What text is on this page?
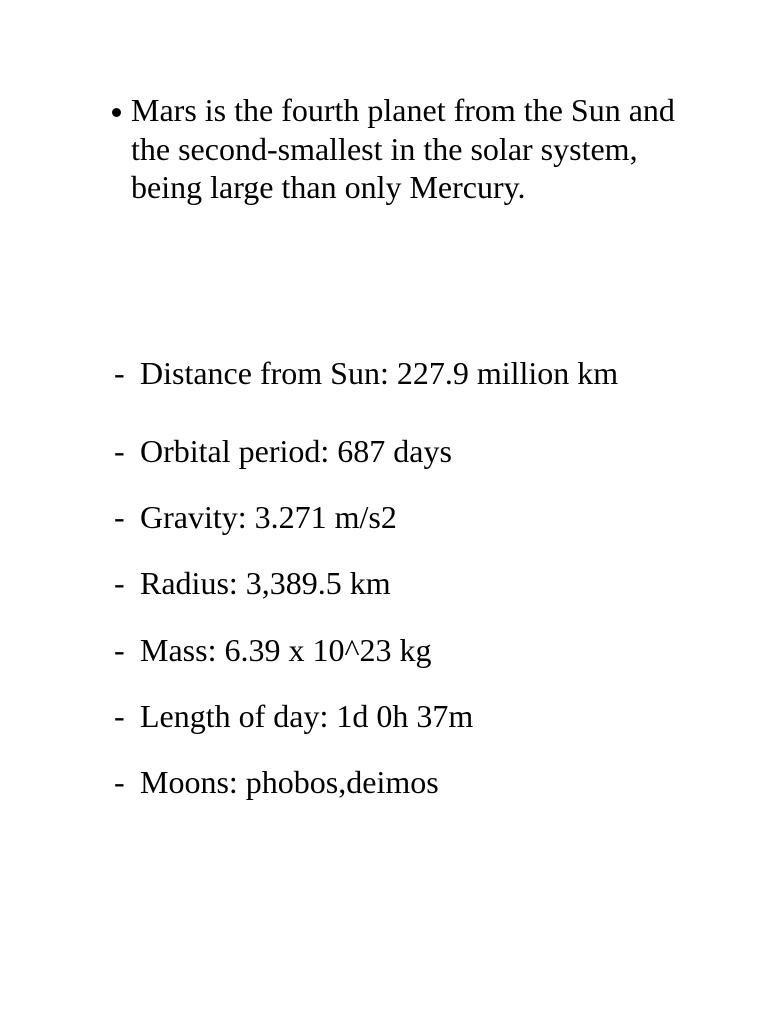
Mars is the fourth planet from the Sun and the second-smallest in the solar system, being large than only Mercury.
- Distance from Sun: 227.9 million km
- Orbital period: 687 days
- Gravity: 3.271 m/s2
- Radius: 3,389.5 km
- Mass: 6.39 x 10^23 kg
- Length of day: 1d 0h 37m
- Moons: phobos,deimos
